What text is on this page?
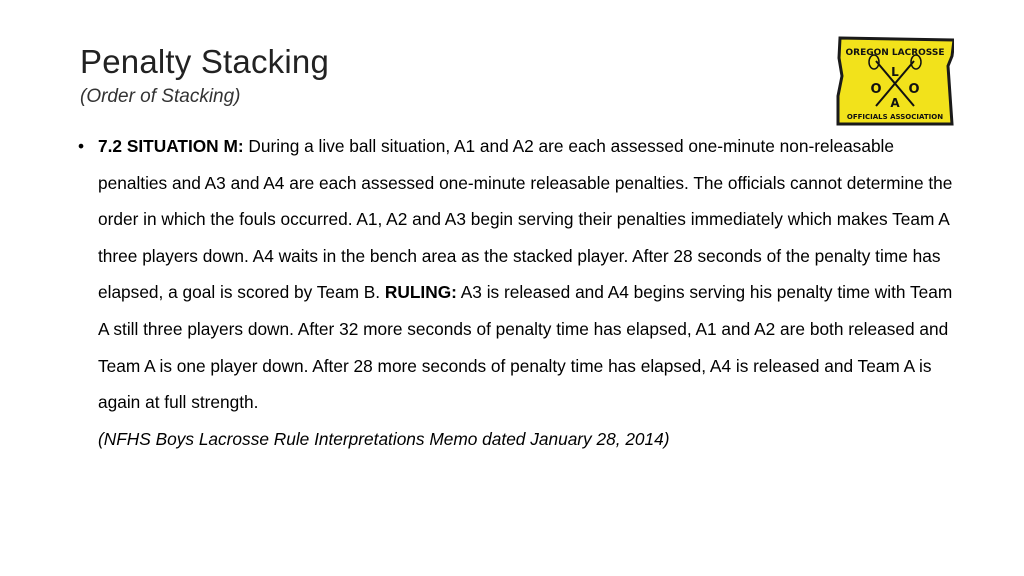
Penalty Stacking
(Order of Stacking)
OREGON LACROSSE
L
O O
A
OFFICIALS ASSOCIATION
• 7.2 SITUATION M: During a live ball situation, A1 and A2 are each assessed one-minute non-releasable penalties and A3 and A4 are each assessed one-minute releasable penalties. The officials cannot determine the order in which the fouls occurred. A1, A2 and A3 begin serving their penalties immediately which makes Team A three players down. A4 waits in the bench area as the stacked player. After 28 seconds of the penalty time has elapsed, a goal is scored by Team B. RULING: A3 is released and A4 begins serving his penalty time with Team A still three players down. After 32 more seconds of penalty time has elapsed, A1 and A2 are both released and Team A is one player down. After 28 more seconds of penalty time has elapsed, A4 is released and Team A is again at full strength.
(NFHS Boys Lacrosse Rule Interpretations Memo dated January 28, 2014)
